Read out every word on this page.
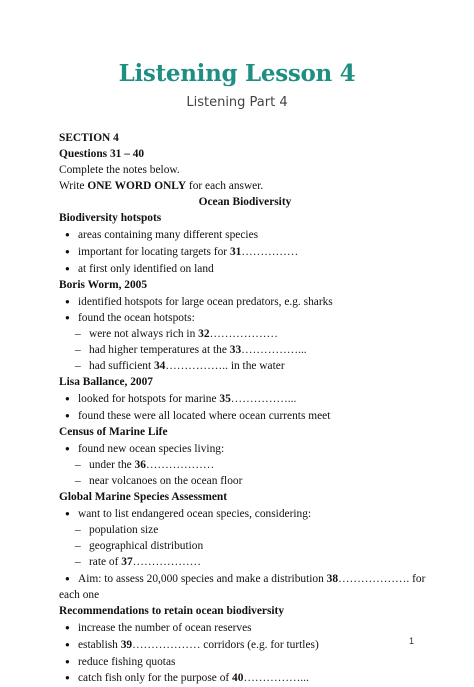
Listening Lesson 4
Listening Part 4
SECTION 4
Questions 31 – 40
Complete the notes below.
Write ONE WORD ONLY for each answer.
Ocean Biodiversity
Biodiversity hotspots
● areas containing many different species
● important for locating targets for 31……………
● at first only identified on land
Boris Worm, 2005
● identified hotspots for large ocean predators, e.g. sharks
● found the ocean hotspots:
– were not always rich in 32………………
– had higher temperatures at the 33……………...
– had sufficient 34…………….. in the water
Lisa Ballance, 2007
● looked for hotspots for marine 35……………...
● found these were all located where ocean currents meet
Census of Marine Life
● found new ocean species living:
– under the 36………………
– near volcanoes on the ocean floor
Global Marine Species Assessment
● want to list endangered ocean species, considering:
– population size
– geographical distribution
– rate of 37………………
● Aim: to assess 20,000 species and make a distribution 38………………. for
each one
Recommendations to retain ocean biodiversity
● increase the number of ocean reserves
● establish 39……………… corridors (e.g. for turtles)
● reduce fishing quotas
● catch fish only for the purpose of 40……………...
1
